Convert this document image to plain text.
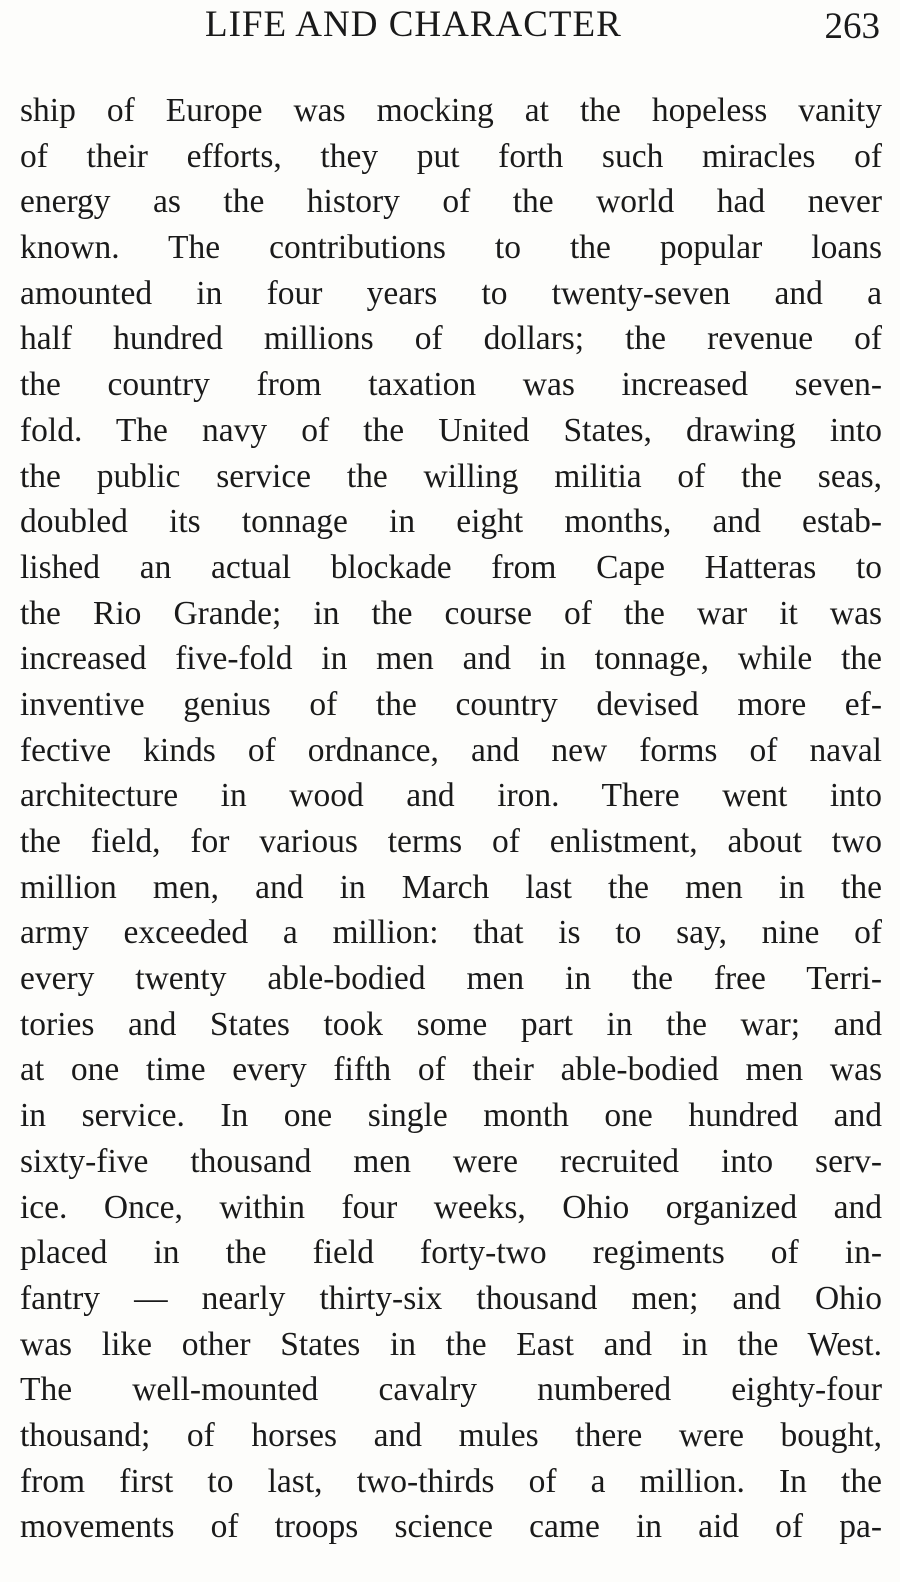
LIFE AND CHARACTER	263
ship of Europe was mocking at the hopeless vanity
of their efforts, they put forth such miracles of
energy as the history of the world had never
known. The contributions to the popular loans
amounted in four years to twenty-seven and a
half hundred millions of dollars; the revenue of
the country from taxation was increased seven-
fold. The navy of the United States, drawing into
the public service the willing militia of the seas,
doubled its tonnage in eight months, and estab-
lished an actual blockade from Cape Hatteras to
the Rio Grande; in the course of the war it was
increased five-fold in men and in tonnage, while the
inventive genius of the country devised more ef-
fective kinds of ordnance, and new forms of naval
architecture in wood and iron. There went into
the field, for various terms of enlistment, about two
million men, and in March last the men in the
army exceeded a million: that is to say, nine of
every twenty able-bodied men in the free Terri-
tories and States took some part in the war; and
at one time every fifth of their able-bodied men was
in service. In one single month one hundred and
sixty-five thousand men were recruited into serv-
ice. Once, within four weeks, Ohio organized and
placed in the field forty-two regiments of in-
fantry — nearly thirty-six thousand men; and Ohio
was like other States in the East and in the West.
The well-mounted cavalry numbered eighty-four
thousand; of horses and mules there were bought,
from first to last, two-thirds of a million. In the
movements of troops science came in aid of pa-
